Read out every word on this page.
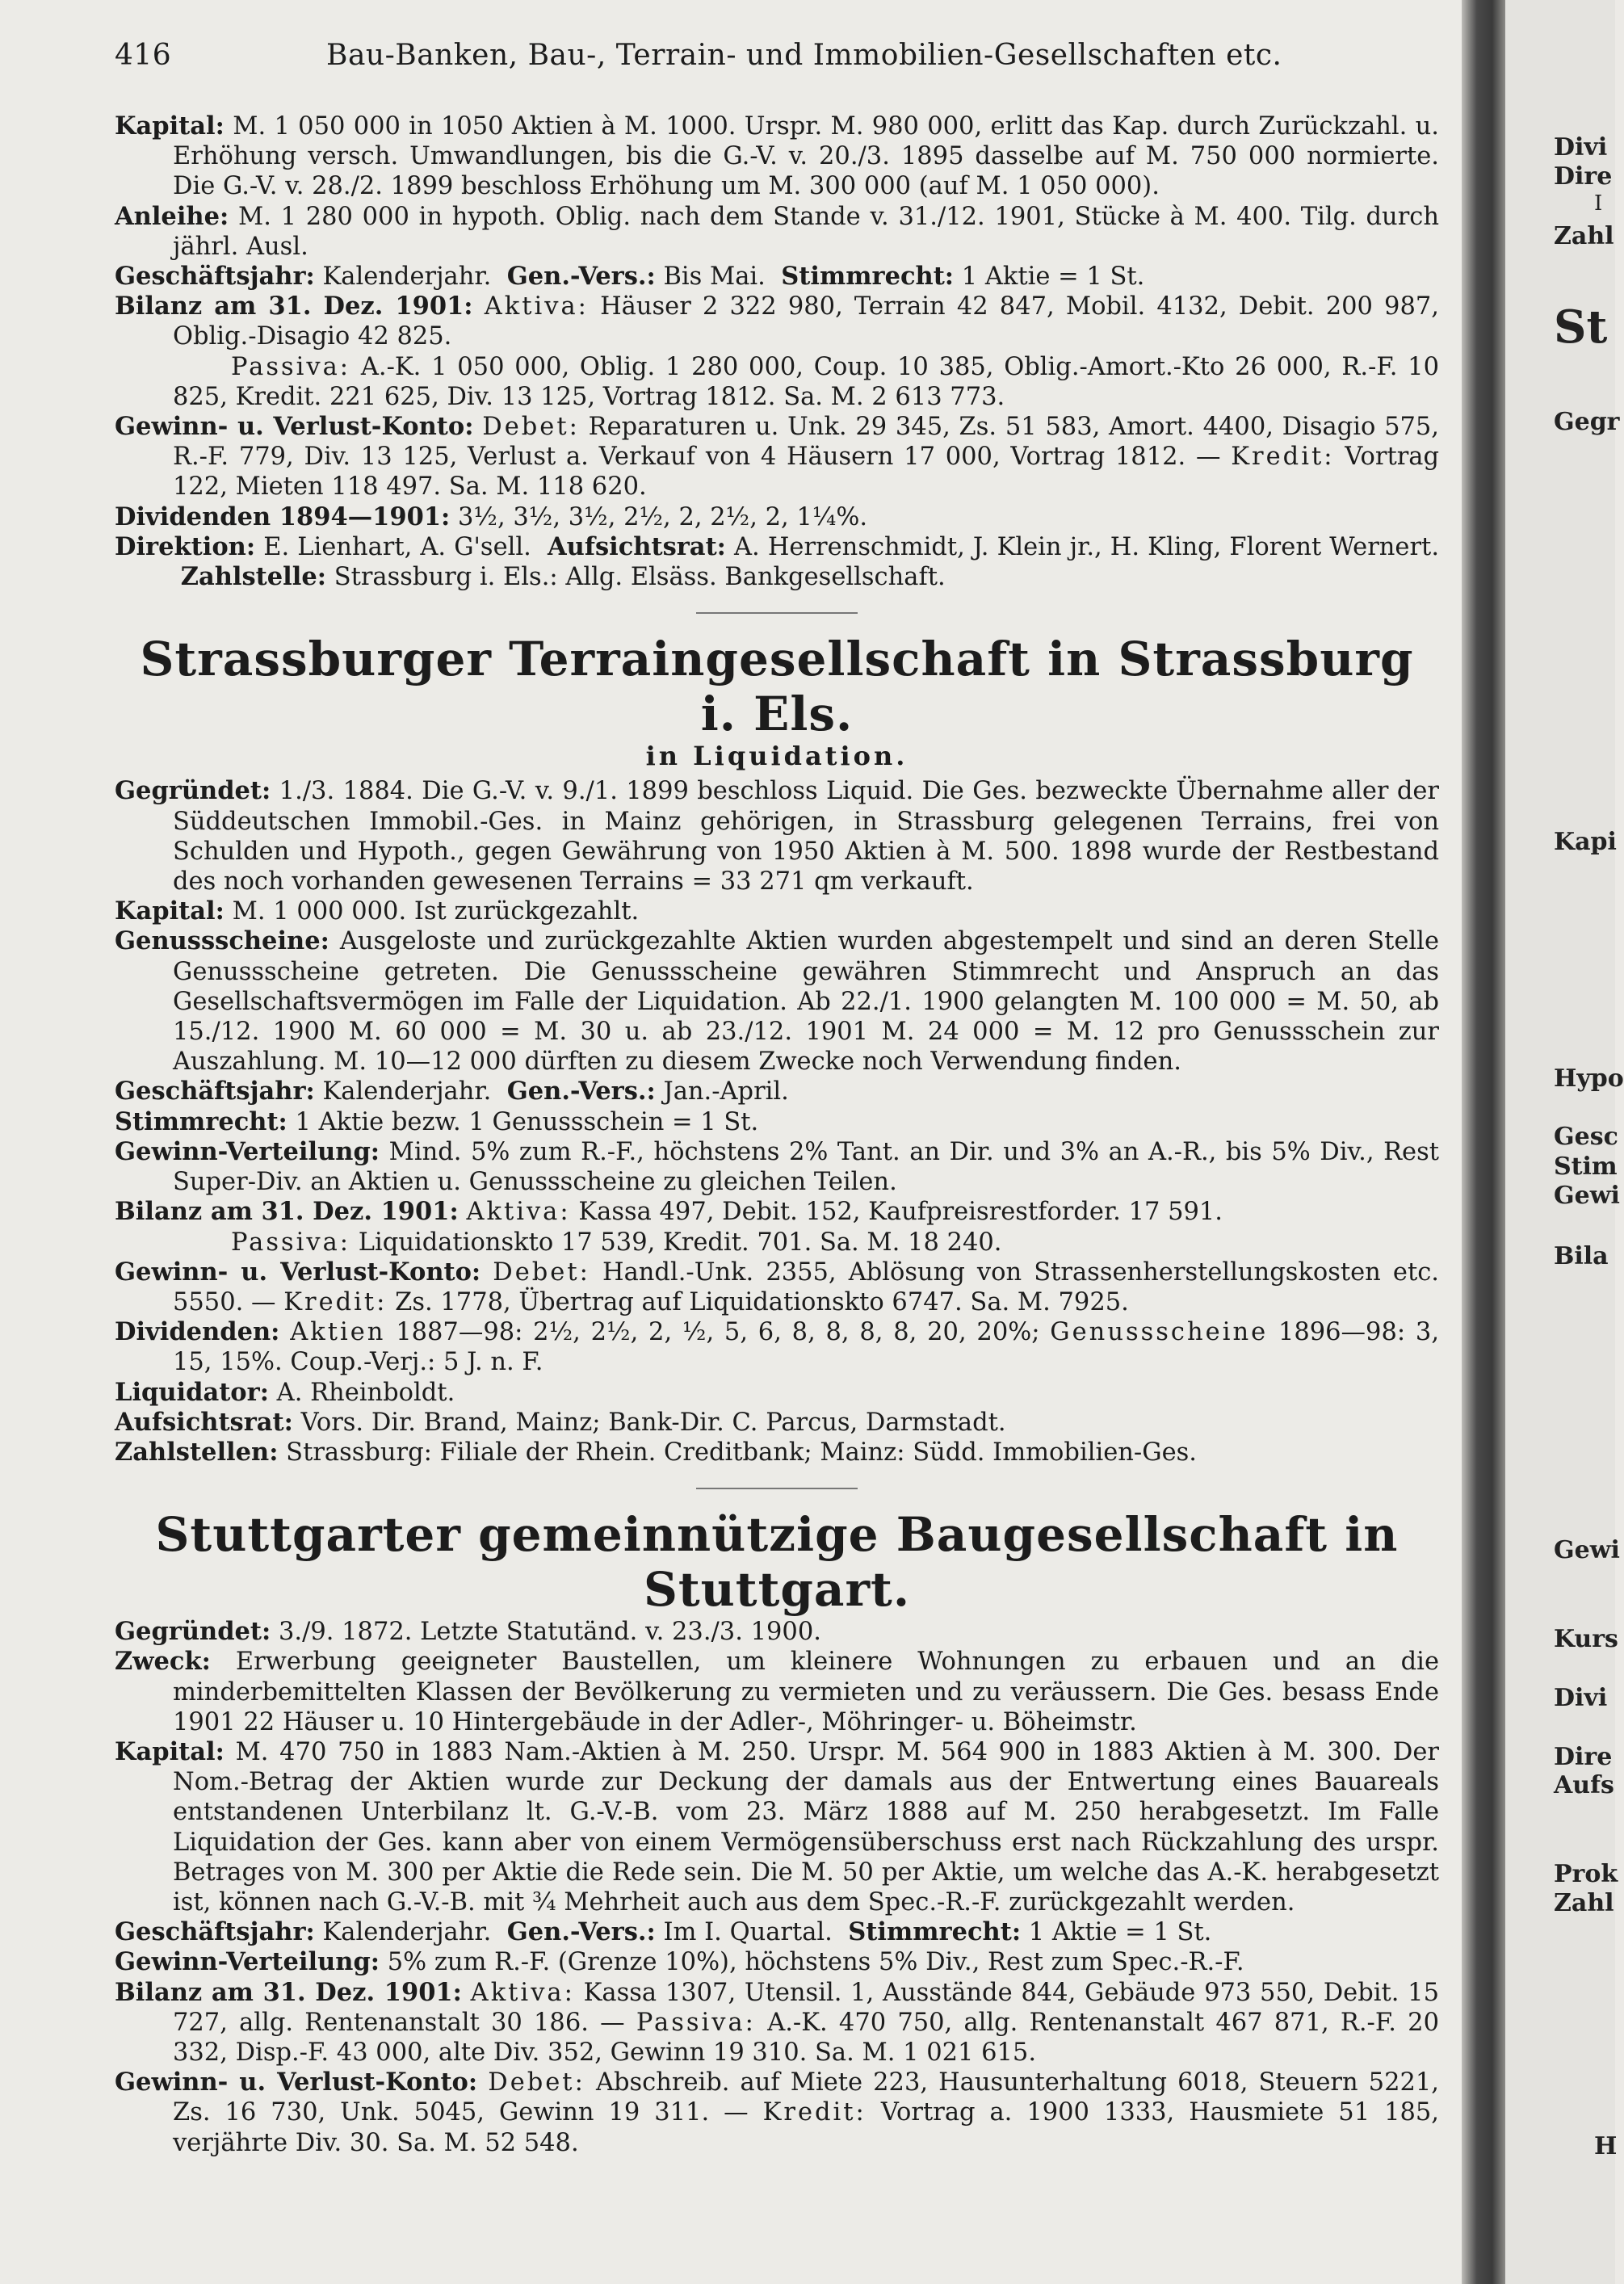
416	Bau-Banken, Bau-, Terrain- und Immobilien-Gesellschaften etc.

Kapital: M. 1 050 000 in 1050 Aktien à M. 1000. Urspr. M. 980 000, erlitt das Kap. durch Zurückzahl. u. Erhöhung versch. Umwandlungen, bis die G.-V. v. 20./3. 1895 dasselbe auf M. 750 000 normierte. Die G.-V. v. 28./2. 1899 beschloss Erhöhung um M. 300 000 (auf M. 1 050 000).

Anleihe: M. 1 280 000 in hypoth. Oblig. nach dem Stande v. 31./12. 1901, Stücke à M. 400. Tilg. durch jährl. Ausl.

Geschäftsjahr: Kalenderjahr. Gen.-Vers.: Bis Mai. Stimmrecht: 1 Aktie = 1 St.

Bilanz am 31. Dez. 1901: Aktiva: Häuser 2 322 980, Terrain 42 847, Mobil. 4132, Debit. 200 987, Oblig.-Disagio 42 825.

Passiva: A.-K. 1 050 000, Oblig. 1 280 000, Coup. 10 385, Oblig.-Amort.-Kto 26 000, R.-F. 10 825, Kredit. 221 625, Div. 13 125, Vortrag 1812. Sa. M. 2 613 773.

Gewinn- u. Verlust-Konto: Debet: Reparaturen u. Unk. 29 345, Zs. 51 583, Amort. 4400, Disagio 575, R.-F. 779, Div. 13 125, Verlust a. Verkauf von 4 Häusern 17 000, Vortrag 1812. — Kredit: Vortrag 122, Mieten 118 497. Sa. M. 118 620.

Dividenden 1894—1901: 3½, 3½, 3½, 2½, 2, 2½, 2, 1¼%.

Direktion: E. Lienhart, A. G'sell. Aufsichtsrat: A. Herrenschmidt, J. Klein jr., H. Kling, Florent Wernert.  Zahlstelle: Strassburg i. Els.: Allg. Elsäss. Bankgesellschaft.

Strassburger Terraingesellschaft in Strassburg i. Els.
in Liquidation.

Gegründet: 1./3. 1884. Die G.-V. v. 9./1. 1899 beschloss Liquid. Die Ges. bezweckte Übernahme aller der Süddeutschen Immobil.-Ges. in Mainz gehörigen, in Strassburg gelegenen Terrains, frei von Schulden und Hypoth., gegen Gewährung von 1950 Aktien à M. 500. 1898 wurde der Restbestand des noch vorhanden gewesenen Terrains = 33 271 qm verkauft.

Kapital: M. 1 000 000. Ist zurückgezahlt.

Genussscheine: Ausgeloste und zurückgezahlte Aktien wurden abgestempelt und sind an deren Stelle Genussscheine getreten. Die Genussscheine gewähren Stimmrecht und Anspruch an das Gesellschaftsvermögen im Falle der Liquidation. Ab 22./1. 1900 gelangten M. 100 000 = M. 50, ab 15./12. 1900 M. 60 000 = M. 30 u. ab 23./12. 1901 M. 24 000 = M. 12 pro Genussschein zur Auszahlung. M. 10—12 000 dürften zu diesem Zwecke noch Verwendung finden.

Geschäftsjahr: Kalenderjahr. Gen.-Vers.: Jan.-April.

Stimmrecht: 1 Aktie bezw. 1 Genussschein = 1 St.

Gewinn-Verteilung: Mind. 5% zum R.-F., höchstens 2% Tant. an Dir. und 3% an A.-R., bis 5% Div., Rest Super-Div. an Aktien u. Genussscheine zu gleichen Teilen.

Bilanz am 31. Dez. 1901: Aktiva: Kassa 497, Debit. 152, Kaufpreisrestforder. 17 591.

Passiva: Liquidationskto 17 539, Kredit. 701. Sa. M. 18 240.

Gewinn- u. Verlust-Konto: Debet: Handl.-Unk. 2355, Ablösung von Strassenherstellungskosten etc. 5550. — Kredit: Zs. 1778, Übertrag auf Liquidationskto 6747. Sa. M. 7925.

Dividenden: Aktien 1887—98: 2½, 2½, 2, ½, 5, 6, 8, 8, 8, 8, 20, 20%; Genussscheine 1896—98: 3, 15, 15%. Coup.-Verj.: 5 J. n. F.

Liquidator: A. Rheinboldt.

Aufsichtsrat: Vors. Dir. Brand, Mainz; Bank-Dir. C. Parcus, Darmstadt.

Zahlstellen: Strassburg: Filiale der Rhein. Creditbank; Mainz: Südd. Immobilien-Ges.

Stuttgarter gemeinnützige Baugesellschaft in Stuttgart.

Gegründet: 3./9. 1872. Letzte Statutänd. v. 23./3. 1900.

Zweck: Erwerbung geeigneter Baustellen, um kleinere Wohnungen zu erbauen und an die minderbemittelten Klassen der Bevölkerung zu vermieten und zu veräussern. Die Ges. besass Ende 1901 22 Häuser u. 10 Hintergebäude in der Adler-, Möhringer- u. Böheimstr.

Kapital: M. 470 750 in 1883 Nam.-Aktien à M. 250. Urspr. M. 564 900 in 1883 Aktien à M. 300. Der Nom.-Betrag der Aktien wurde zur Deckung der damals aus der Entwertung eines Bauareals entstandenen Unterbilanz lt. G.-V.-B. vom 23. März 1888 auf M. 250 herabgesetzt. Im Falle Liquidation der Ges. kann aber von einem Vermögensüberschuss erst nach Rückzahlung des urspr. Betrages von M. 300 per Aktie die Rede sein. Die M. 50 per Aktie, um welche das A.-K. herabgesetzt ist, können nach G.-V.-B. mit ¾ Mehrheit auch aus dem Spec.-R.-F. zurückgezahlt werden.

Geschäftsjahr: Kalenderjahr. Gen.-Vers.: Im I. Quartal. Stimmrecht: 1 Aktie = 1 St.

Gewinn-Verteilung: 5% zum R.-F. (Grenze 10%), höchstens 5% Div., Rest zum Spec.-R.-F.

Bilanz am 31. Dez. 1901: Aktiva: Kassa 1307, Utensil. 1, Ausstände 844, Gebäude 973 550, Debit. 15 727, allg. Rentenanstalt 30 186. — Passiva: A.-K. 470 750, allg. Rentenanstalt 467 871, R.-F. 20 332, Disp.-F. 43 000, alte Div. 352, Gewinn 19 310. Sa. M. 1 021 615.

Gewinn- u. Verlust-Konto: Debet: Abschreib. auf Miete 223, Hausunterhaltung 6018, Steuern 5221, Zs. 16 730, Unk. 5045, Gewinn 19 311. — Kredit: Vortrag a. 1900 1333, Hausmiete 51 185, verjährte Div. 30. Sa. M. 52 548.

Divi
Dire
I
Zahl
St
Gegr
Kapi
Hypo
Gesc
Stim
Gewi
Bila
Gewi
Kurs
Divi
Dire
Aufs
Prok
Zahl
H
